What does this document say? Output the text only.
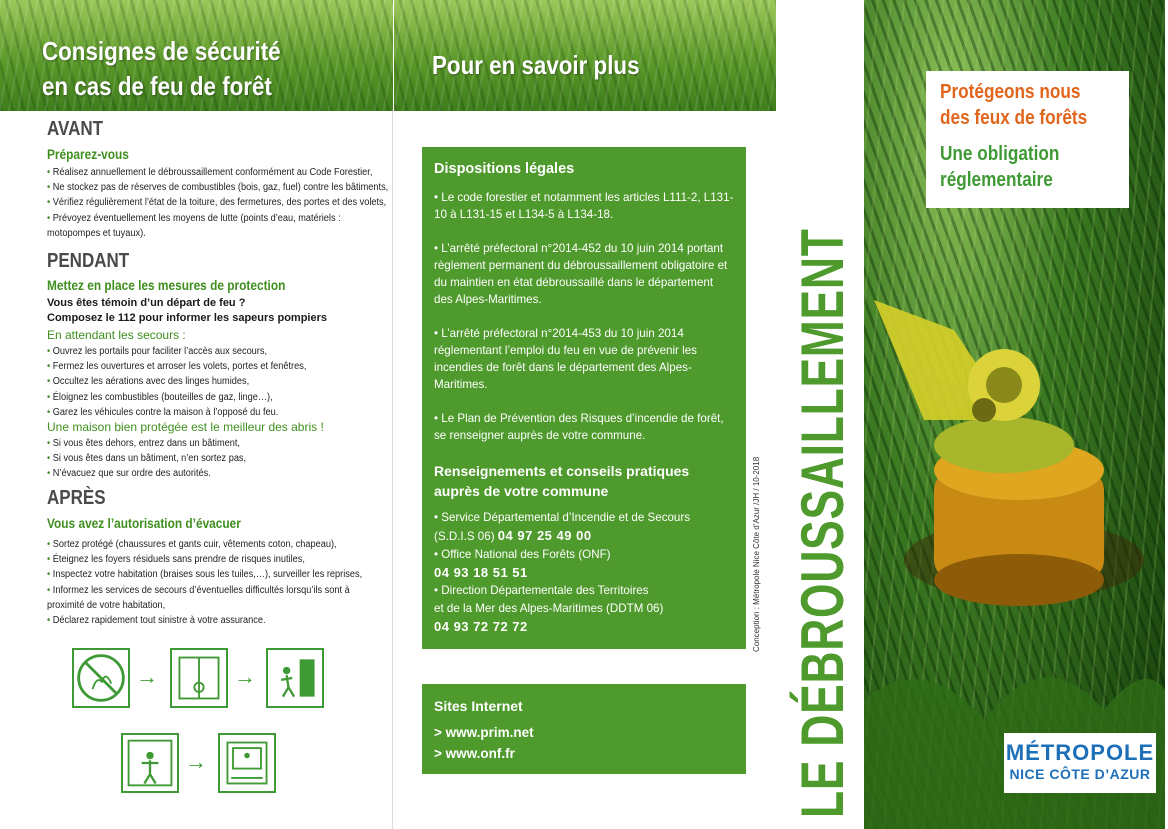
Consignes de sécurité
en cas de feu de forêt
AVANT
Préparez-vous
• Réalisez annuellement le débroussaillement conformément au Code Forestier,
• Ne stockez pas de réserves de combustibles (bois, gaz, fuel) contre les bâtiments,
• Vérifiez régulièrement l’état de la toiture, des fermetures, des portes et des volets,
• Prévoyez éventuellement les moyens de lutte (points d’eau, matériels :
motopompes et tuyaux).
PENDANT
Mettez en place les mesures de protection
Vous êtes témoin d’un départ de feu ?
Composez le 112 pour informer les sapeurs pompiers
En attendant les secours :
• Ouvrez les portails pour faciliter l’accès aux secours,
• Fermez les ouvertures et arroser les volets, portes et fenêtres,
• Occultez les aérations avec des linges humides,
• Éloignez les combustibles (bouteilles de gaz, linge…),
• Garez les véhicules contre la maison à l’opposé du feu.
Une maison bien protégée est le meilleur des abris !
• Si vous êtes dehors, entrez dans un bâtiment,
• Si vous êtes dans un bâtiment, n’en sortez pas,
• N’évacuez que sur ordre des autorités.
APRÈS
Vous avez l’autorisation d’évacuer
• Sortez protégé (chaussures et gants cuir, vêtements coton, chapeau),
• Éteignez les foyers résiduels sans prendre de risques inutiles,
• Inspectez votre habitation (braises sous les tuiles,…), surveiller les reprises,
• Informez les services de secours d’éventuelles difficultés lorsqu’ils sont à
proximité de votre habitation,
• Déclarez rapidement tout sinistre à votre assurance.
→	→
→
Pour en savoir plus
Dispositions légales

• Le code forestier et notamment les articles L111-2, L131-10 à L131-15 et L134-5 à L134-18.

• L’arrêté préfectoral n°2014-452 du 10 juin 2014 portant règlement permanent du débroussaillement obligatoire et du maintien en état débroussaillé dans le département des Alpes-Maritimes.

• L’arrêté préfectoral n°2014-453 du 10 juin 2014 réglementant l’emploi du feu en vue de prévenir les incendies de forêt dans le département des Alpes-Maritimes.

• Le Plan de Prévention des Risques d’incendie de forêt, se renseigner auprès de votre commune.

Renseignements et conseils pratiques auprès de votre commune
• Service Départemental d’Incendie et de Secours
(S.D.I.S 06) 04 97 25 49 00
• Office National des Forêts (ONF)
04 93 18 51 51
• Direction Départementale des Territoires
et de la Mer des Alpes-Maritimes (DDTM 06)
04 93 72 72 72
Sites Internet
> www.prim.net
> www.onf.fr
Conception : Métropole Nice Côte d’Azur /JH / 10-2018 LE DÉBROUSSAILLEMENT
Protégeons nous
des feux de forêts
Une obligation
réglementaire
MÉTROPOLE
NICE CÔTE D’AZUR
